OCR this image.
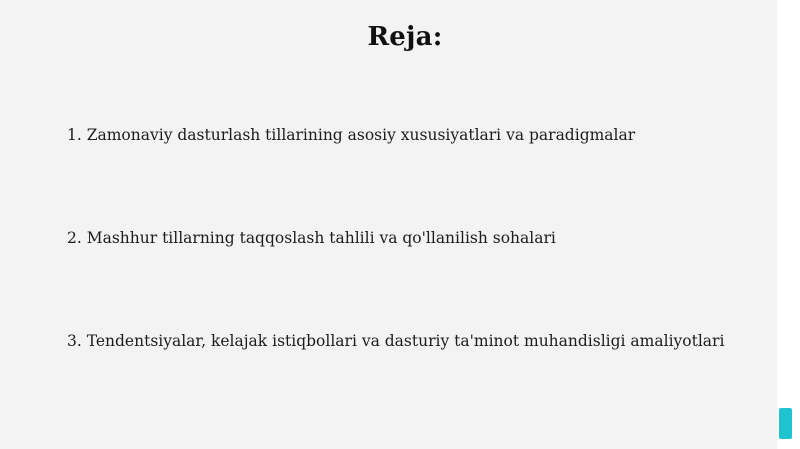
Reja:
1. Zamonaviy dasturlash tillarining asosiy xususiyatlari va paradigmalar
2. Mashhur tillarning taqqoslash tahlili va qo'llanilish sohalari
3. Tendentsiyalar, kelajak istiqbollari va dasturiy ta'minot muhandisligi amaliyotlari
